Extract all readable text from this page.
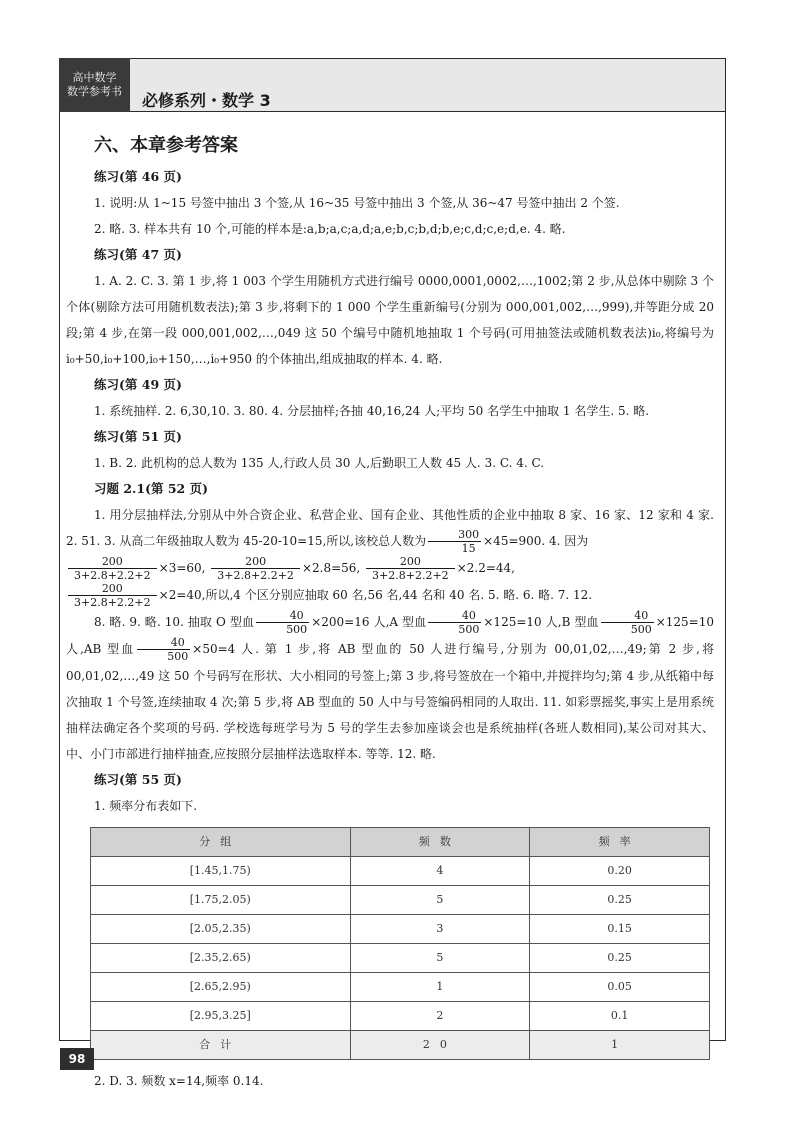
高中数学
数学参考书 必修系列・数学 3
六、本章参考答案
练习(第 46 页)
1. 说明:从 1~15 号签中抽出 3 个签,从 16~35 号签中抽出 3 个签,从 36~47 号签中抽出 2 个签.
2. 略. 3. 样本共有 10 个,可能的样本是:a,b;a,c;a,d;a,e;b,c;b,d;b,e;c,d;c,e;d,e. 4. 略.
练习(第 47 页)
1. A. 2. C. 3. 第 1 步,将 1 003 个学生用随机方式进行编号 0000,0001,0002,…,1002;第 2 步,从总体中剔除 3 个个体(剔除方法可用随机数表法);第 3 步,将剩下的 1 000 个学生重新编号(分别为 000,001,002,…,999),并等距分成 20 段;第 4 步,在第一段 000,001,002,…,049 这 50 个编号中随机地抽取 1 个号码(可用抽签法或随机数表法)i₀,将编号为 i₀+50,i₀+100,i₀+150,…,i₀+950 的个体抽出,组成抽取的样本. 4. 略.
练习(第 49 页)
1. 系统抽样. 2. 6,30,10. 3. 80. 4. 分层抽样;各抽 40,16,24 人;平均 50 名学生中抽取 1 名学生. 5. 略.
练习(第 51 页)
1. B. 2. 此机构的总人数为 135 人,行政人员 30 人,后勤职工人数 45 人. 3. C. 4. C.
习题 2.1(第 52 页)
1. 用分层抽样法,分别从中外合资企业、私营企业、国有企业、其他性质的企业中抽取 8 家、16 家、12 家和 4 家. 2. 51. 3. 从高二年级抽取人数为 45-20-10=15,所以,该校总人数为 $\frac{300}{15} \times 45=900$. 4. 因为
$\frac{200}{3+2.8+2.2+2} \times 3=60$, $\frac{200}{3+2.8+2.2+2} \times 2.8=56$, $\frac{200}{3+2.8+2.2+2} \times 2.2=44$,
$\frac{200}{3+2.8+2.2+2} \times 2=40$,所以,4 个区分别应抽取 60 名,56 名,44 名和 40 名. 5. 略. 6. 略. 7. 12.
8. 略. 9. 略. 10. 抽取 O 型血 $\frac{40}{500} \times 200=16$ 人,A 型血 $\frac{40}{500} \times 125=10$ 人,B 型血 $\frac{40}{500} \times 125=10$ 人,AB 型血 $\frac{40}{500} \times 50=4$ 人. 第 1 步,将 AB 型血的 50 人进行编号,分别为 00,01,02,…,49;第 2 步,将 00,01,02,…,49 这 50 个号码写在形状、大小相同的号签上;第 3 步,将号签放在一个箱中,并搅拌均匀;第 4 步,从纸箱中每次抽取 1 个号签,连续抽取 4 次;第 5 步,将 AB 型血的 50 人中与号签编码相同的人取出. 11. 如彩票摇奖,事实上是用系统抽样法确定各个奖项的号码. 学校选每班学号为 5 号的学生去参加座谈会也是系统抽样(各班人数相同),某公司对其大、中、小门市部进行抽样抽查,应按照分层抽样法选取样本. 等等. 12. 略.
练习(第 55 页)
1. 频率分布表如下.
分组	频数	频率
[1.45,1.75)	4	0.20
[1.75,2.05)	5	0.25
[2.05,2.35)	3	0.15
[2.35,2.65)	5	0.25
[2.65,2.95)	1	0.05
[2.95,3.25]	2	0.1
合计	20	1
2. D. 3. 频数 x=14,频率 0.14.
98
